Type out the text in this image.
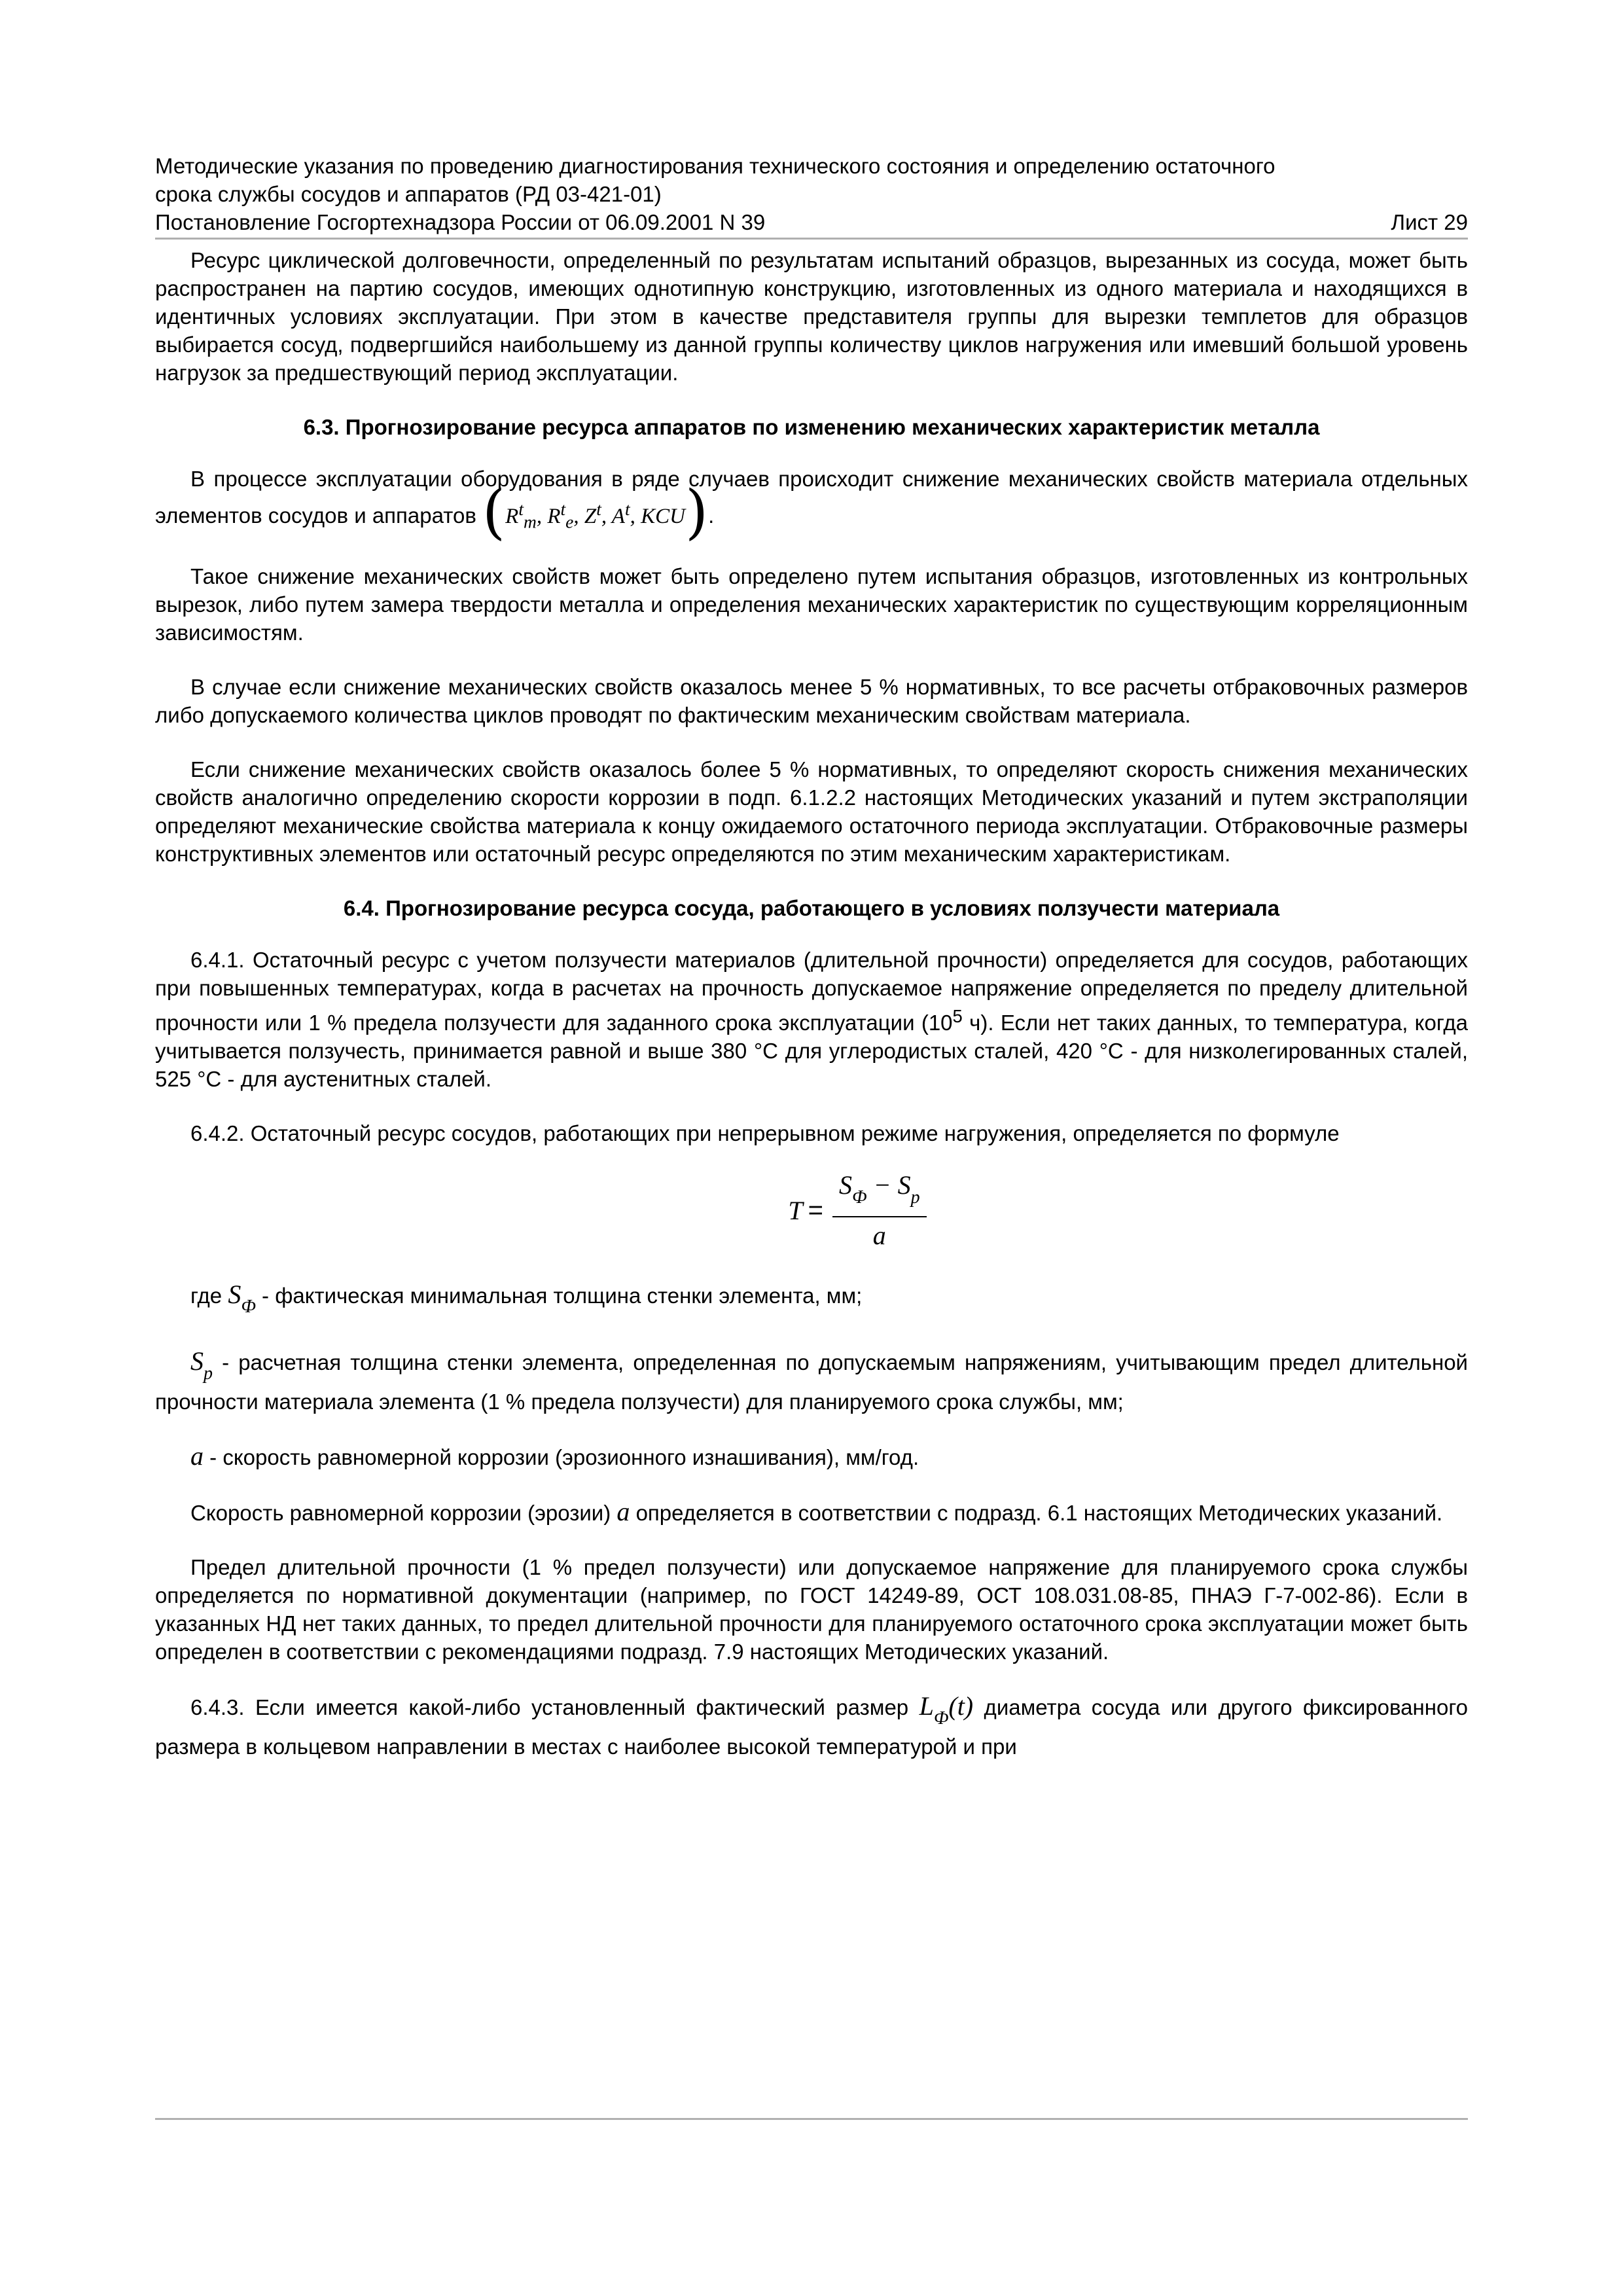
Методические указания по проведению диагностирования технического состояния и определению остаточного
срока службы сосудов и аппаратов (РД 03-421-01)
Постановление Госгортехнадзора России от 06.09.2001 N 39	Лист 29

Ресурс циклической долговечности, определенный по результатам испытаний образцов, вырезанных из сосуда, может быть распространен на партию сосудов, имеющих однотипную конструкцию, изготовленных из одного материала и находящихся в идентичных условиях эксплуатации. При этом в качестве представителя группы для вырезки темплетов для образцов выбирается сосуд, подвергшийся наибольшему из данной группы количеству циклов нагружения или имевший большой уровень нагрузок за предшествующий период эксплуатации.

6.3. Прогнозирование ресурса аппаратов по изменению механических характеристик металла

В процессе эксплуатации оборудования в ряде случаев происходит снижение механических свойств материала отдельных элементов сосудов и аппаратов ($R^t_m$, $R^t_e$, $Z^t$, $A^t$, KCU).

Такое снижение механических свойств может быть определено путем испытания образцов, изготовленных из контрольных вырезок, либо путем замера твердости металла и определения механических характеристик по существующим корреляционным зависимостям.

В случае если снижение механических свойств оказалось менее 5 % нормативных, то все расчеты отбраковочных размеров либо допускаемого количества циклов проводят по фактическим механическим свойствам материала.

Если снижение механических свойств оказалось более 5 % нормативных, то определяют скорость снижения механических свойств аналогично определению скорости коррозии в подп. 6.1.2.2 настоящих Методических указаний и путем экстраполяции определяют механические свойства материала к концу ожидаемого остаточного периода эксплуатации. Отбраковочные размеры конструктивных элементов или остаточный ресурс определяются по этим механическим характеристикам.

6.4. Прогнозирование ресурса сосуда, работающего в условиях ползучести материала

6.4.1. Остаточный ресурс с учетом ползучести материалов (длительной прочности) определяется для сосудов, работающих при повышенных температурах, когда в расчетах на прочность допускаемое напряжение определяется по пределу длительной прочности или 1 % предела ползучести для заданного срока эксплуатации ($10^5$ ч). Если нет таких данных, то температура, когда учитывается ползучесть, принимается равной и выше 380 °С для углеродистых сталей, 420 °С - для низколегированных сталей, 525 °С - для аустенитных сталей.

6.4.2. Остаточный ресурс сосудов, работающих при непрерывном режиме нагружения, определяется по формуле

$T = \frac{S_Ф - S_p}{a}$

где $S_Ф$ - фактическая минимальная толщина стенки элемента, мм;

$S_p$ - расчетная толщина стенки элемента, определенная по допускаемым напряжениям, учитывающим предел длительной прочности материала элемента (1 % предела ползучести) для планируемого срока службы, мм;

a - скорость равномерной коррозии (эрозионного изнашивания), мм/год.

Скорость равномерной коррозии (эрозии) a определяется в соответствии с подразд. 6.1 настоящих Методических указаний.

Предел длительной прочности (1 % предел ползучести) или допускаемое напряжение для планируемого срока службы определяется по нормативной документации (например, по ГОСТ 14249-89, ОСТ 108.031.08-85, ПНАЭ Г-7-002-86). Если в указанных НД нет таких данных, то предел длительной прочности для планируемого остаточного срока эксплуатации может быть определен в соответствии с рекомендациями подразд. 7.9 настоящих Методических указаний.

6.4.3. Если имеется какой-либо установленный фактический размер $L_Ф(t)$ диаметра сосуда или другого фиксированного размера в кольцевом направлении в местах с наиболее высокой температурой и при
